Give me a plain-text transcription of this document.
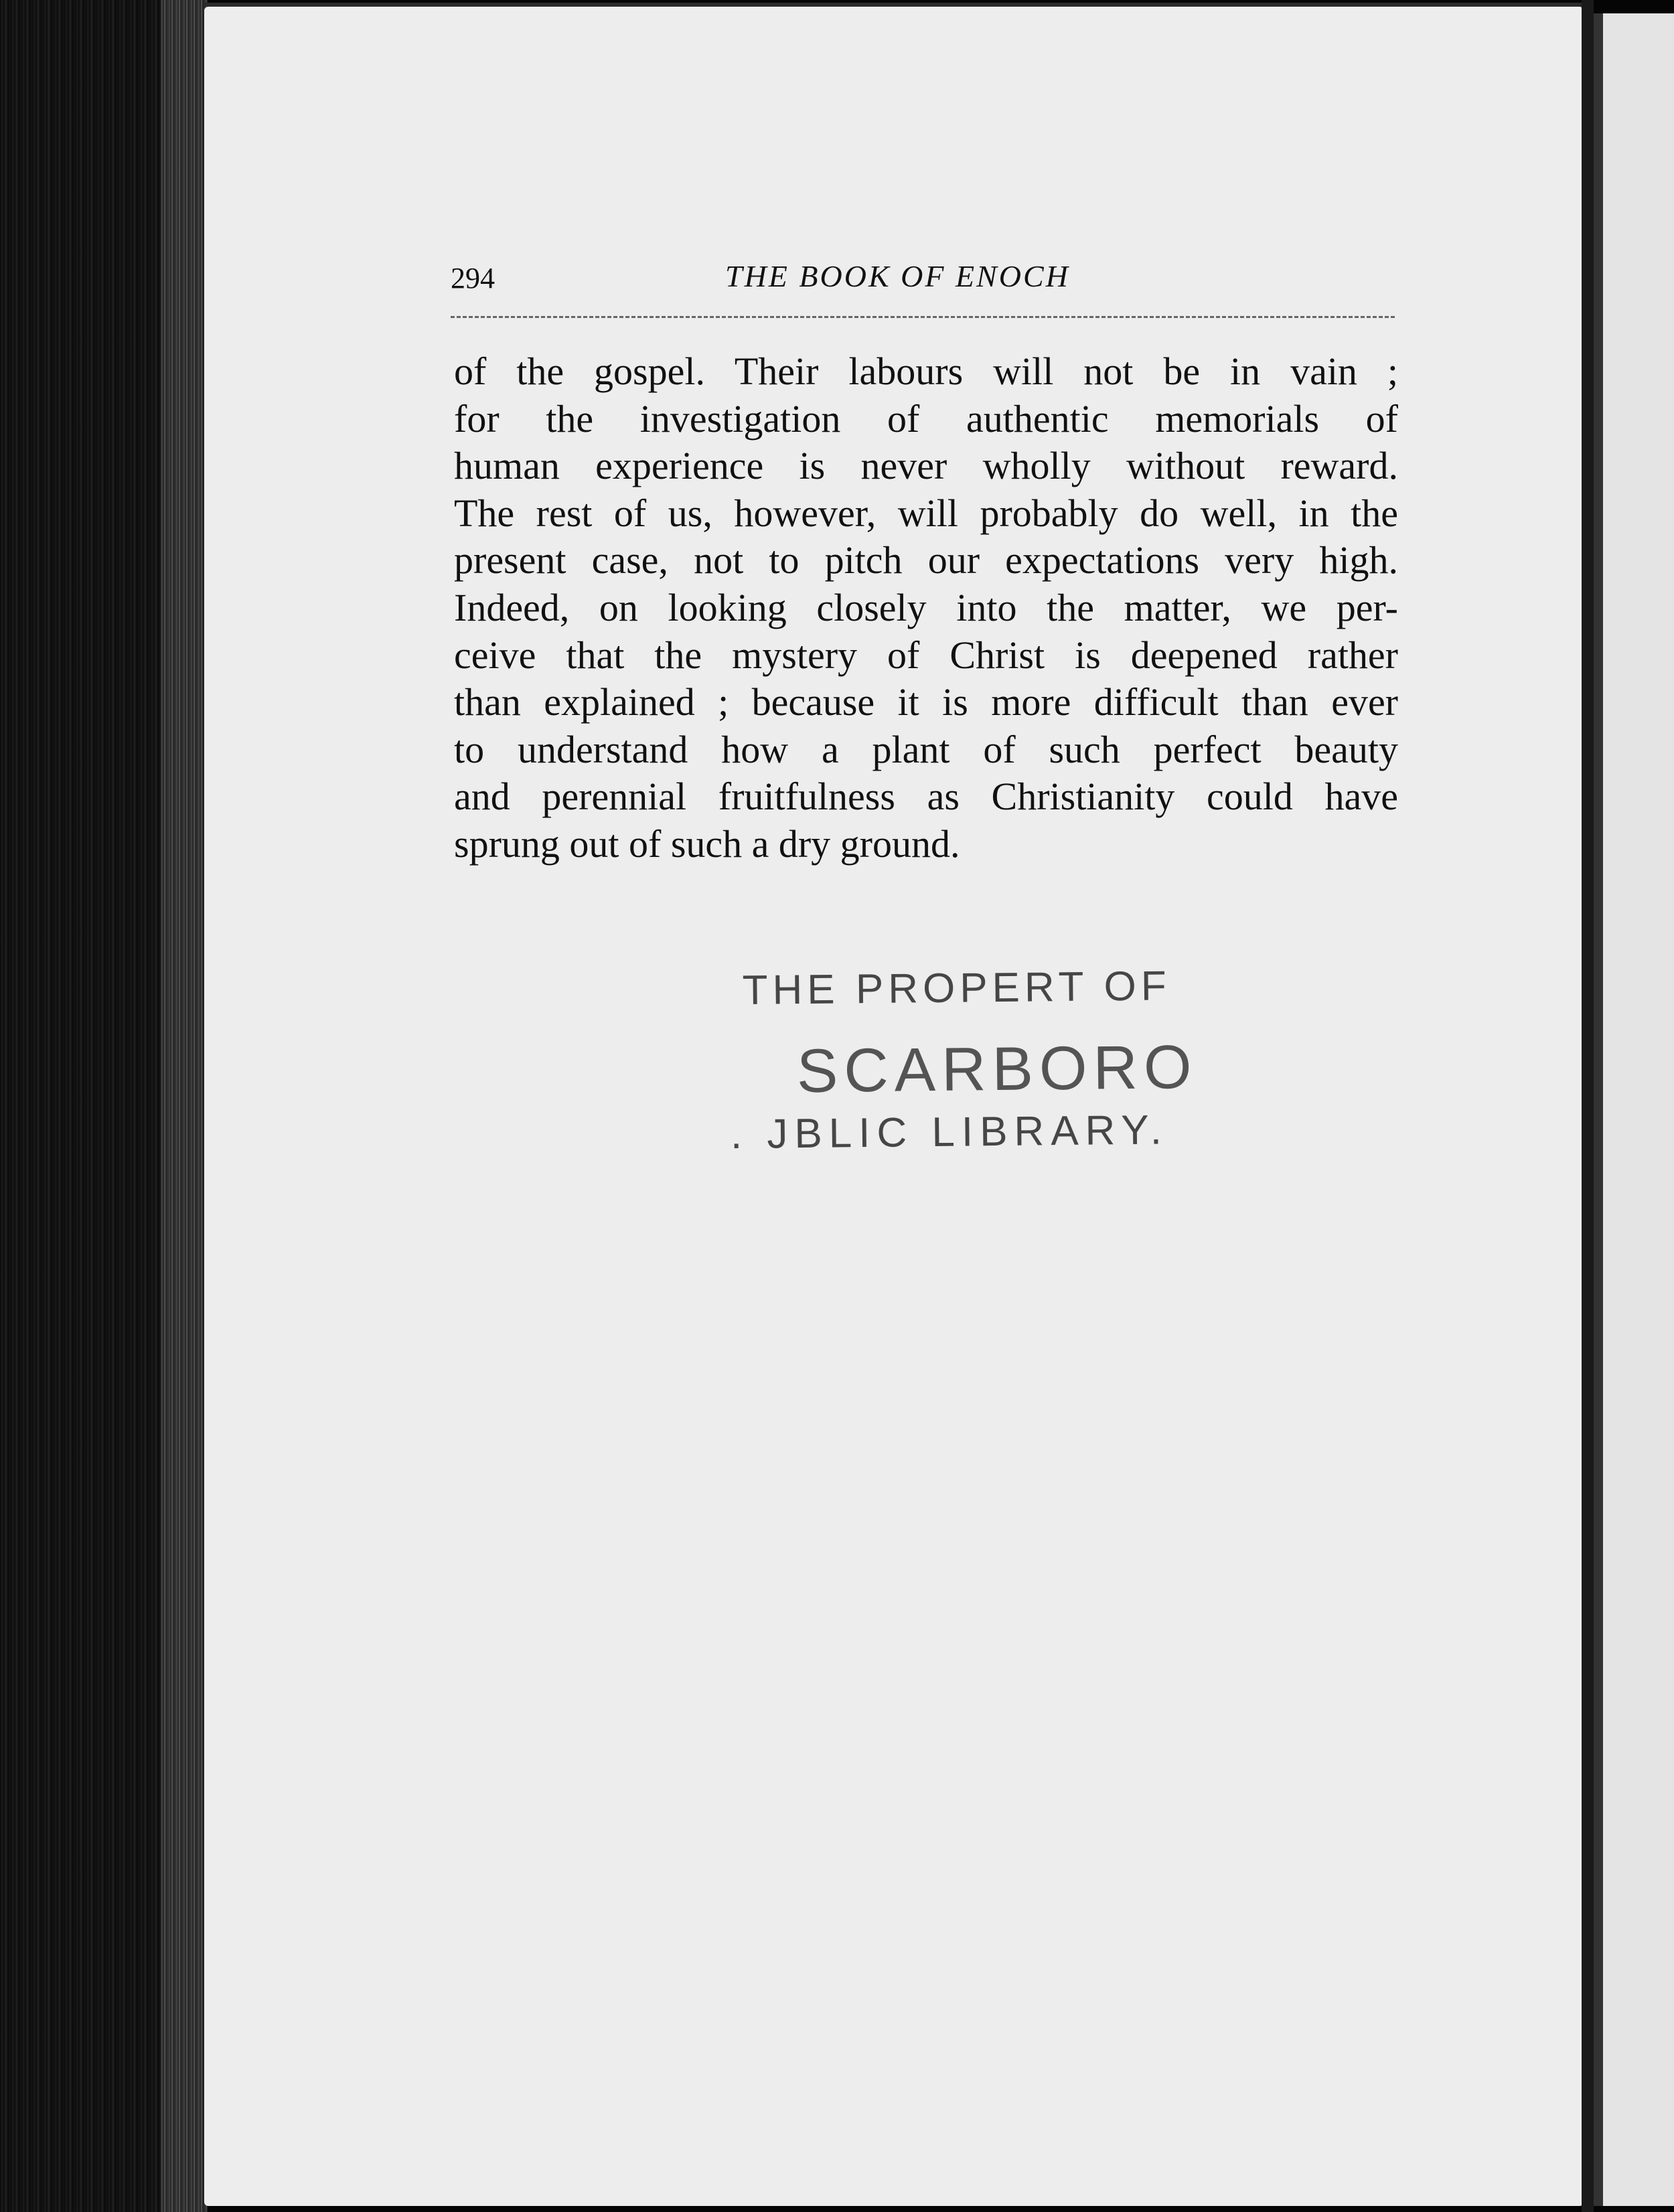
294	THE BOOK OF ENOCH
of the gospel. Their labours will not be in vain ;
for the investigation of authentic memorials of
human experience is never wholly without reward.
The rest of us, however, will probably do well, in the
present case, not to pitch our expectations very high.
Indeed, on looking closely into the matter, we per-
ceive that the mystery of Christ is deepened rather
than explained ; because it is more difficult than ever
to understand how a plant of such perfect beauty
and perennial fruitfulness as Christianity could have
sprung out of such a dry ground.
THE PROPERT OF
SCARBORO
. JBLIC LIBRARY.
